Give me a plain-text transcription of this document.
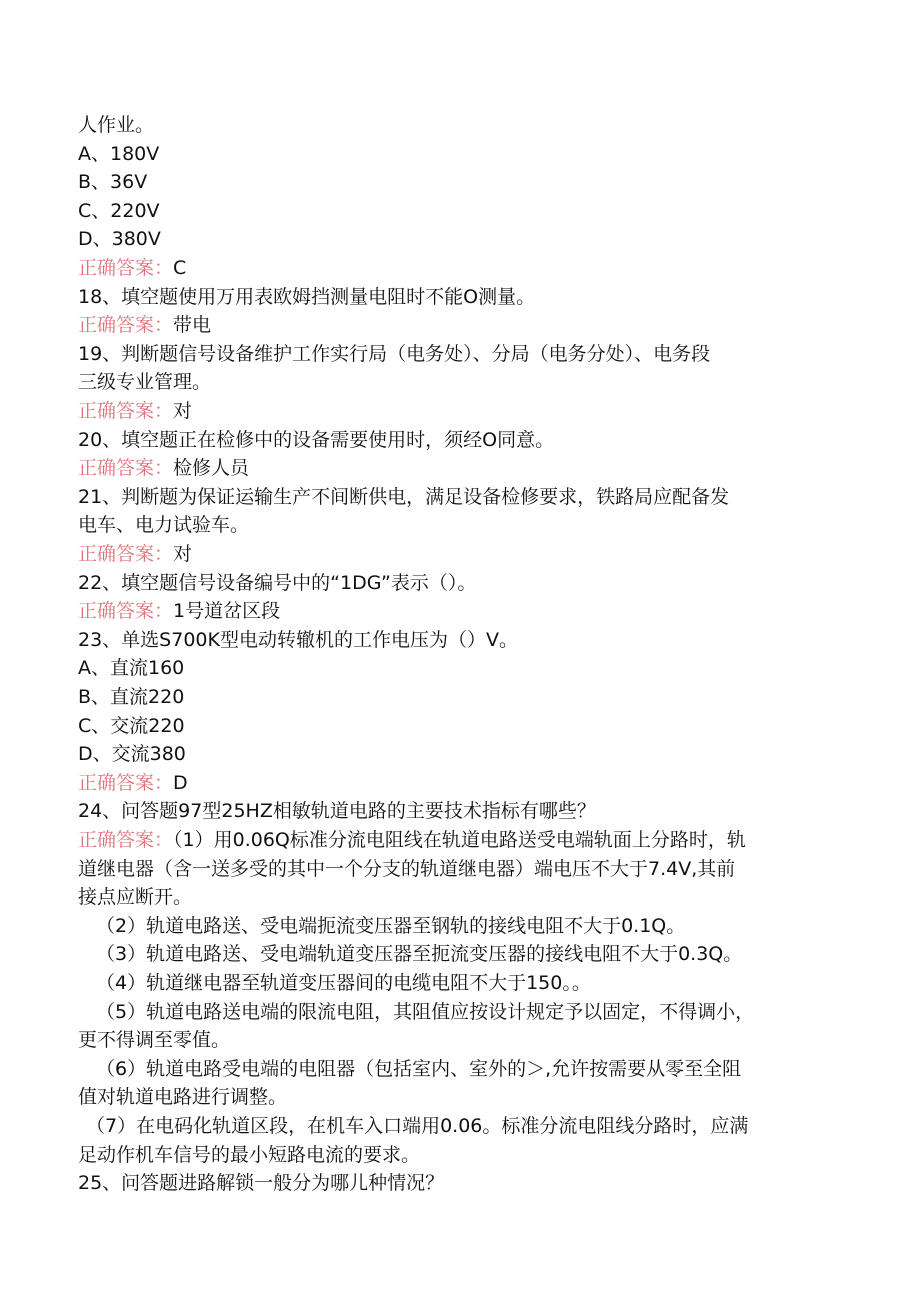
人作业。
A、180V
B、36V
C、220V
D、380V
正确答案：C
18、填空题使用万用表欧姆挡测量电阻时不能O测量。
正确答案：带电
19、判断题信号设备维护工作实行局（电务处）、分局（电务分处）、电务段
三级专业管理。
正确答案：对
20、填空题正在检修中的设备需要使用时，须经O同意。
正确答案：检修人员
21、判断题为保证运输生产不间断供电，满足设备检修要求，铁路局应配备发
电车、电力试验车。
正确答案：对
22、填空题信号设备编号中的“1DG”表示（）。
正确答案：1号道岔区段
23、单选S700K型电动转辙机的工作电压为（）V。
A、直流160
B、直流220
C、交流220
D、交流380
正确答案：D
24、问答题97型25HZ相敏轨道电路的主要技术指标有哪些？
正确答案：（1）用0.06Q标准分流电阻线在轨道电路送受电端轨面上分路时，轨
道继电器（含一送多受的其中一个分支的轨道继电器）端电压不大于7.4V,其前
接点应断开。
（2）轨道电路送、受电端扼流变压器至钢轨的接线电阻不大于0.1Q。
（3）轨道电路送、受电端轨道变压器至扼流变压器的接线电阻不大于0.3Q。
（4）轨道继电器至轨道变压器间的电缆电阻不大于150。。
（5）轨道电路送电端的限流电阻，其阻值应按设计规定予以固定，不得调小，
更不得调至零值。
（6）轨道电路受电端的电阻器（包括室内、室外的＞,允许按需要从零至全阻
值对轨道电路进行调整。
（7）在电码化轨道区段，在机车入口端用0.06。标准分流电阻线分路时，应满
足动作机车信号的最小短路电流的要求。
25、问答题进路解锁一般分为哪儿种情况？
